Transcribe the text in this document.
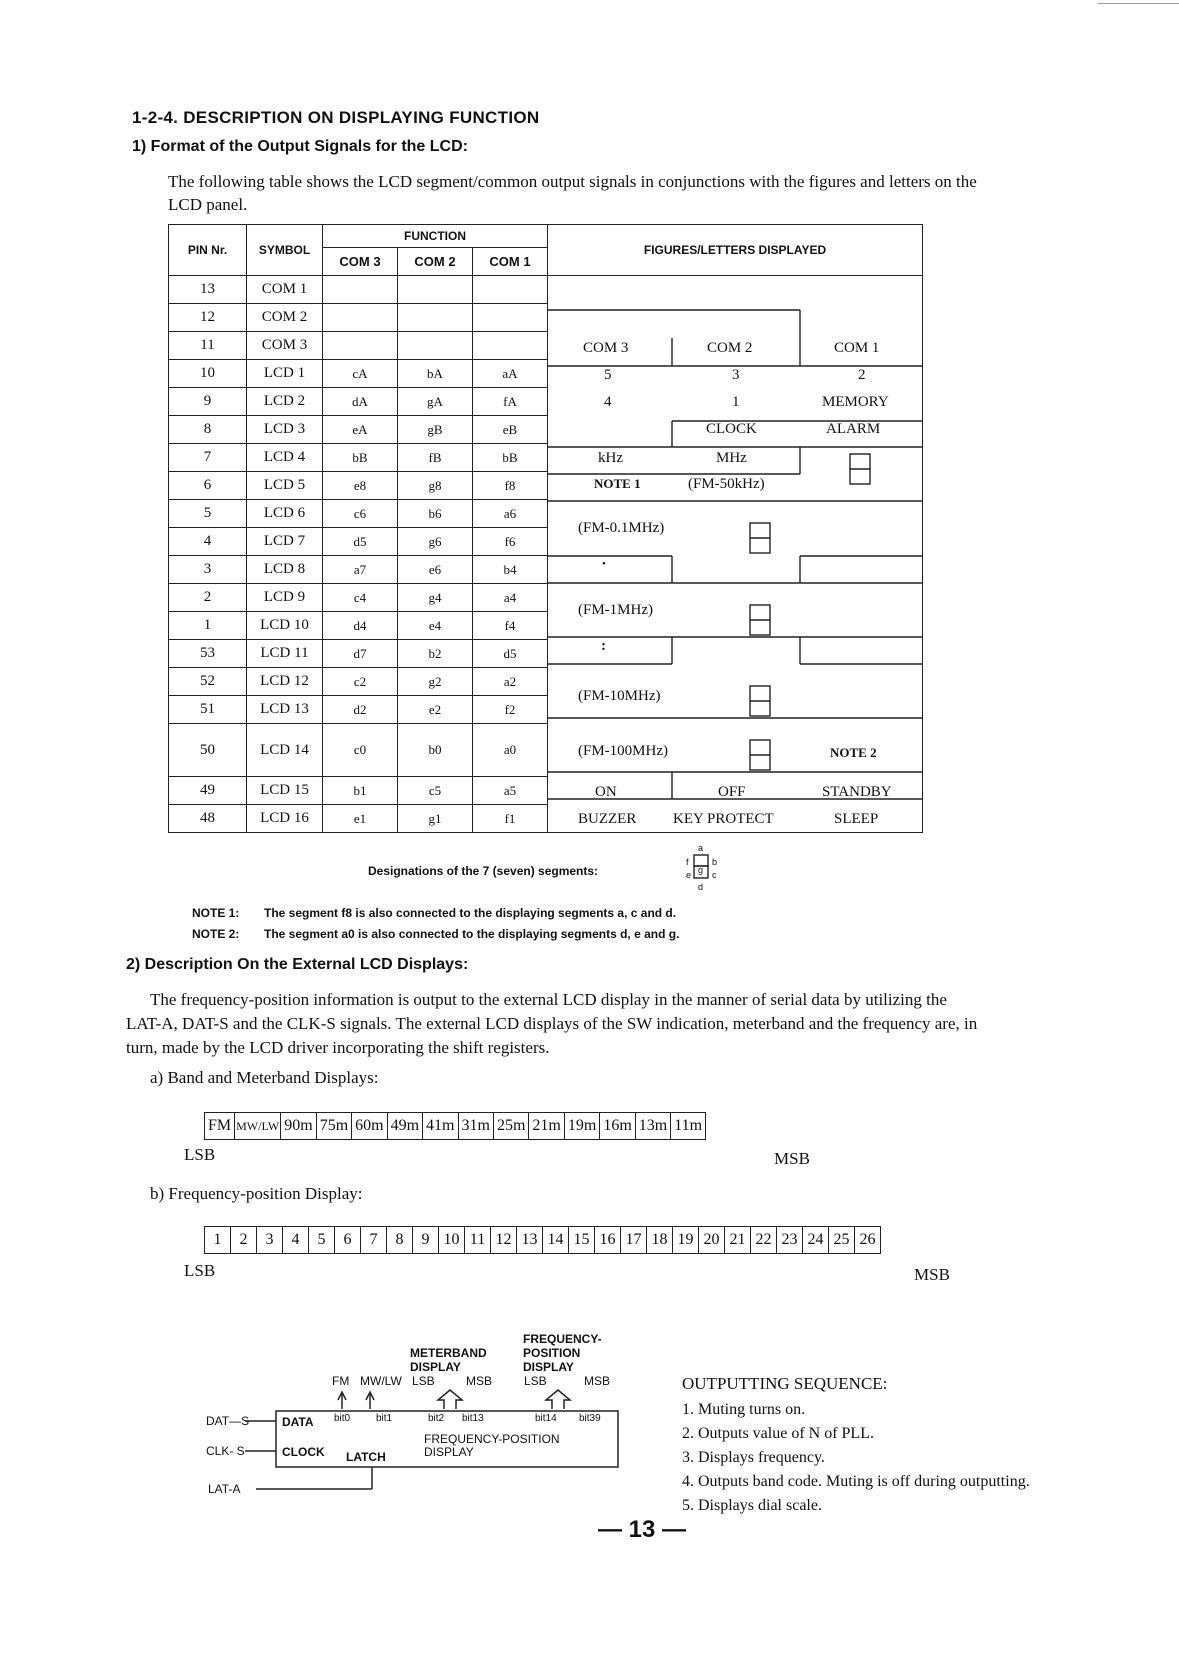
1-2-4. DESCRIPTION ON DISPLAYING FUNCTION
1) Format of the Output Signals for the LCD:
The following table shows the LCD segment/common output signals in conjunctions with the figures and letters on the
LCD panel.
PIN Nr.	SYMBOL	FUNCTION			FIGURES/LETTERS DISPLAYED
		COM 3	COM 2	COM 1	
13	COM 1				
12	COM 2				
11	COM 3				
10	LCD 1	cA	bA	aA	
9	LCD 2	dA	gA	fA	
8	LCD 3	eA	gB	eB	
7	LCD 4	bB	fB	bB	
6	LCD 5	e8	g8	f8	
5	LCD 6	c6	b6	a6	
4	LCD 7	d5	g6	f6	
3	LCD 8	a7	e6	b4	
2	LCD 9	c4	g4	a4	
1	LCD 10	d4	e4	f4	
53	LCD 11	d7	b2	d5	
52	LCD 12	c2	g2	a2	
51	LCD 13	d2	e2	f2	
50	LCD 14	c0	b0	a0	
49	LCD 15	b1	c5	a5	
48	LCD 16	e1	g1	f1	
COM 3	COM 2	COM 1
5	3	2
4	1	MEMORY
CLOCK	ALARM
kHz	MHz
NOTE 1	(FM-50kHz)
(FM-0.1MHz)
•
(FM-1MHz)
:
(FM-10MHz)
(FM-100MHz)	NOTE 2
ON	OFF	STANDBY
BUZZER KEY PROTECT	SLEEP
Designations of the 7 (seven) segments:
a
b
c
d
e
f
g
NOTE 1: The segment f8 is also connected to the displaying segments a, c and d.
NOTE 2: The segment a0 is also connected to the displaying segments d, e and g.
2) Description On the External LCD Displays:
The frequency-position information is output to the external LCD display in the manner of serial data by utilizing the
LAT-A, DAT-S and the CLK-S signals. The external LCD displays of the SW indication, meterband and the frequency are, in
turn, made by the LCD driver incorporating the shift registers.
a) Band and Meterband Displays:
FM	MW/LW	90m	75m	60m	49m	41m	31m	25m	21m	19m	16m	13m	11m
LSB	MSB
b) Frequency-position Display:
1	2	3	4	5	6	7	8	9	10	11	12	13	14	15	16	17	18	19	20	21	22	23	24	25	26
LSB	MSB
FREQUENCY-
POSITION
DISPLAY
METERBAND
DISPLAY
FM MW/LW LSB	MSB	LSB	MSB
DAT—S
CLK- S
LAT-A
DATA
CLOCK LATCH
bit0	bit1	bit2 bit13	bit14 bit39
FREQUENCY-POSITION
DISPLAY
OUTPUTTING SEQUENCE:
1. Muting turns on.
2. Outputs value of N of PLL.
3. Displays frequency.
4. Outputs band code. Muting is off during outputting.
5. Displays dial scale.
— 13 —
